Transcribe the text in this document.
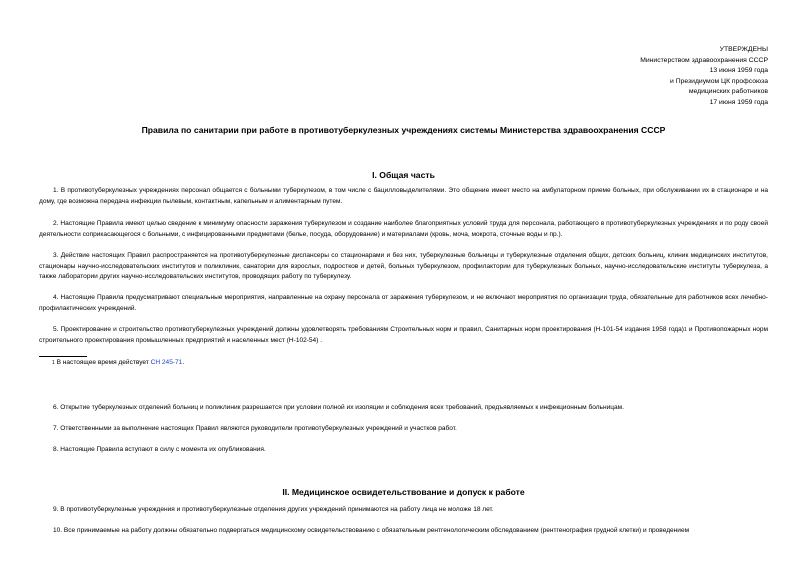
УТВЕРЖДЕНЫ
Министерством здравоохранения СССР
13 июня 1959 года
и Президиумом ЦК профсоюза
медицинских работников
17 июня 1959 года
Правила по санитарии при работе в противотуберкулезных учреждениях системы Министерства здравоохранения СССР
I. Общая часть

1. В противотуберкулезных учреждениях персонал общается с больными туберкулезом, в том числе с бацилловыделителями. Это общение имеет место на амбулаторном приеме больных, при обслуживании их в стационаре и на дому, где возможна передача инфекции пылевым, контактным, капельным и алиментарным путем.

2. Настоящие Правила имеют целью сведение к минимуму опасности заражения туберкулезом и создание наиболее благоприятных условий труда для персонала, работающего в противотуберкулезных учреждениях и по роду своей деятельности соприкасающегося с больными, с инфицированными предметами (белье, посуда, оборудование) и материалами (кровь, моча, мокрота, сточные воды и пр.).

3. Действие настоящих Правил распространяется на противотуберкулезные диспансеры со стационарами и без них, туберкулезные больницы и туберкулезные отделения общих, детских больниц, клиник медицинских институтов, стационары научно-исследовательских институтов и поликлиник, санатории для взрослых, подростков и детей, больных туберкулезом, профилактории для туберкулезных больных, научно-исследовательские институты туберкулеза, а также лаборатории других научно-исследовательских институтов, проводящих работу по туберкулезу.

4. Настоящие Правила предусматривают специальные мероприятия, направленные на охрану персонала от заражения туберкулезом, и не включают мероприятия по организации труда, обязательные для работников всех лечебно-профилактических учреждений.

5. Проектирование и строительство противотуберкулезных учреждений должны удовлетворять требованиям Строительных норм и правил, Санитарных норм проектирования (Н-101-54 издания 1958 года)1 и Противопожарных норм строительного проектирования промышленных предприятий и населенных мест (Н-102-54) .

1 В настоящее время действует СН 245-71.

6. Открытие туберкулезных отделений больниц и поликлиник разрешается при условии полной их изоляции и соблюдения всех требований, предъявляемых к инфекционным больницам.

7. Ответственными за выполнение настоящих Правил являются руководители противотуберкулезных учреждений и участков работ.

8. Настоящие Правила вступают в силу с момента их опубликования.

II. Медицинское освидетельствование и допуск к работе

9. В противотуберкулезные учреждения и противотуберкулезные отделения других учреждений принимаются на работу лица не моложе 18 лет.

10. Все принимаемые на работу должны обязательно подвергаться медицинскому освидетельствованию с обязательным рентгенологическим обследованием (рентгенография грудной клетки) и проведением
